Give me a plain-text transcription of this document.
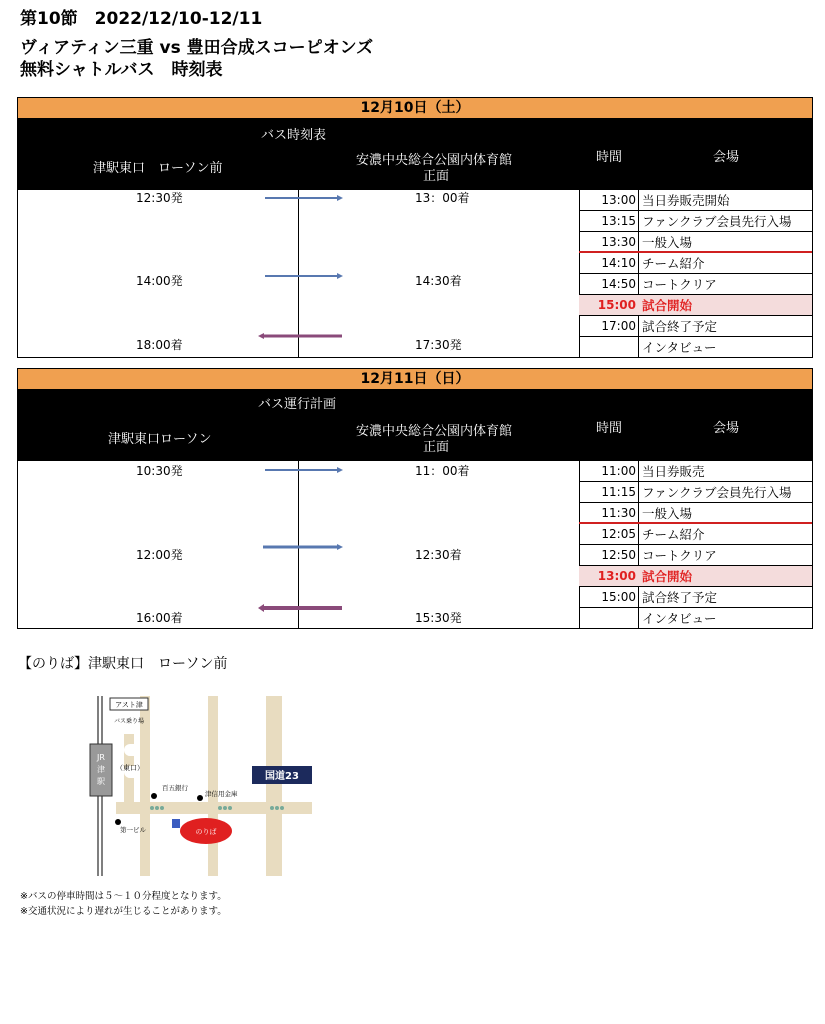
第10節　2022/12/10-12/11
ヴィアティン三重 vs 豊田合成スコーピオンズ
無料シャトルバス　時刻表
12月10日（土）
バス時刻表
津駅東口　ローソン前
安濃中央総合公園内体育館
正面
時間	会場
12:30発	13：00着
14:00発	14:30着
18:00着	17:30発
13:00 当日券販売開始
13:15 ファンクラブ会員先行入場
13:30 一般入場
14:10 チーム紹介
14:50 コートクリア
15:00 試合開始
17:00 試合終了予定
インタビュー
12月11日（日）
バス運行計画
津駅東口ローソン
安濃中央総合公園内体育館
正面
時間	会場
10:30発	11：00着
12:00発	12:30着
16:00着	15:30発
11:00 当日券販売
11:15 ファンクラブ会員先行入場
11:30 一般入場
12:05 チーム紹介
12:50 コートクリア
13:00 試合開始
15:00 試合終了予定
インタビュー
【のりば】津駅東口　ローソン前
JR
津
駅
アスト津
バス乗り場
（東口）
百五銀行
津信用金庫
第一ビル
国道23
のりば
※バスの停車時間は５～１０分程度となります。
※交通状況により遅れが生じることがあります。
